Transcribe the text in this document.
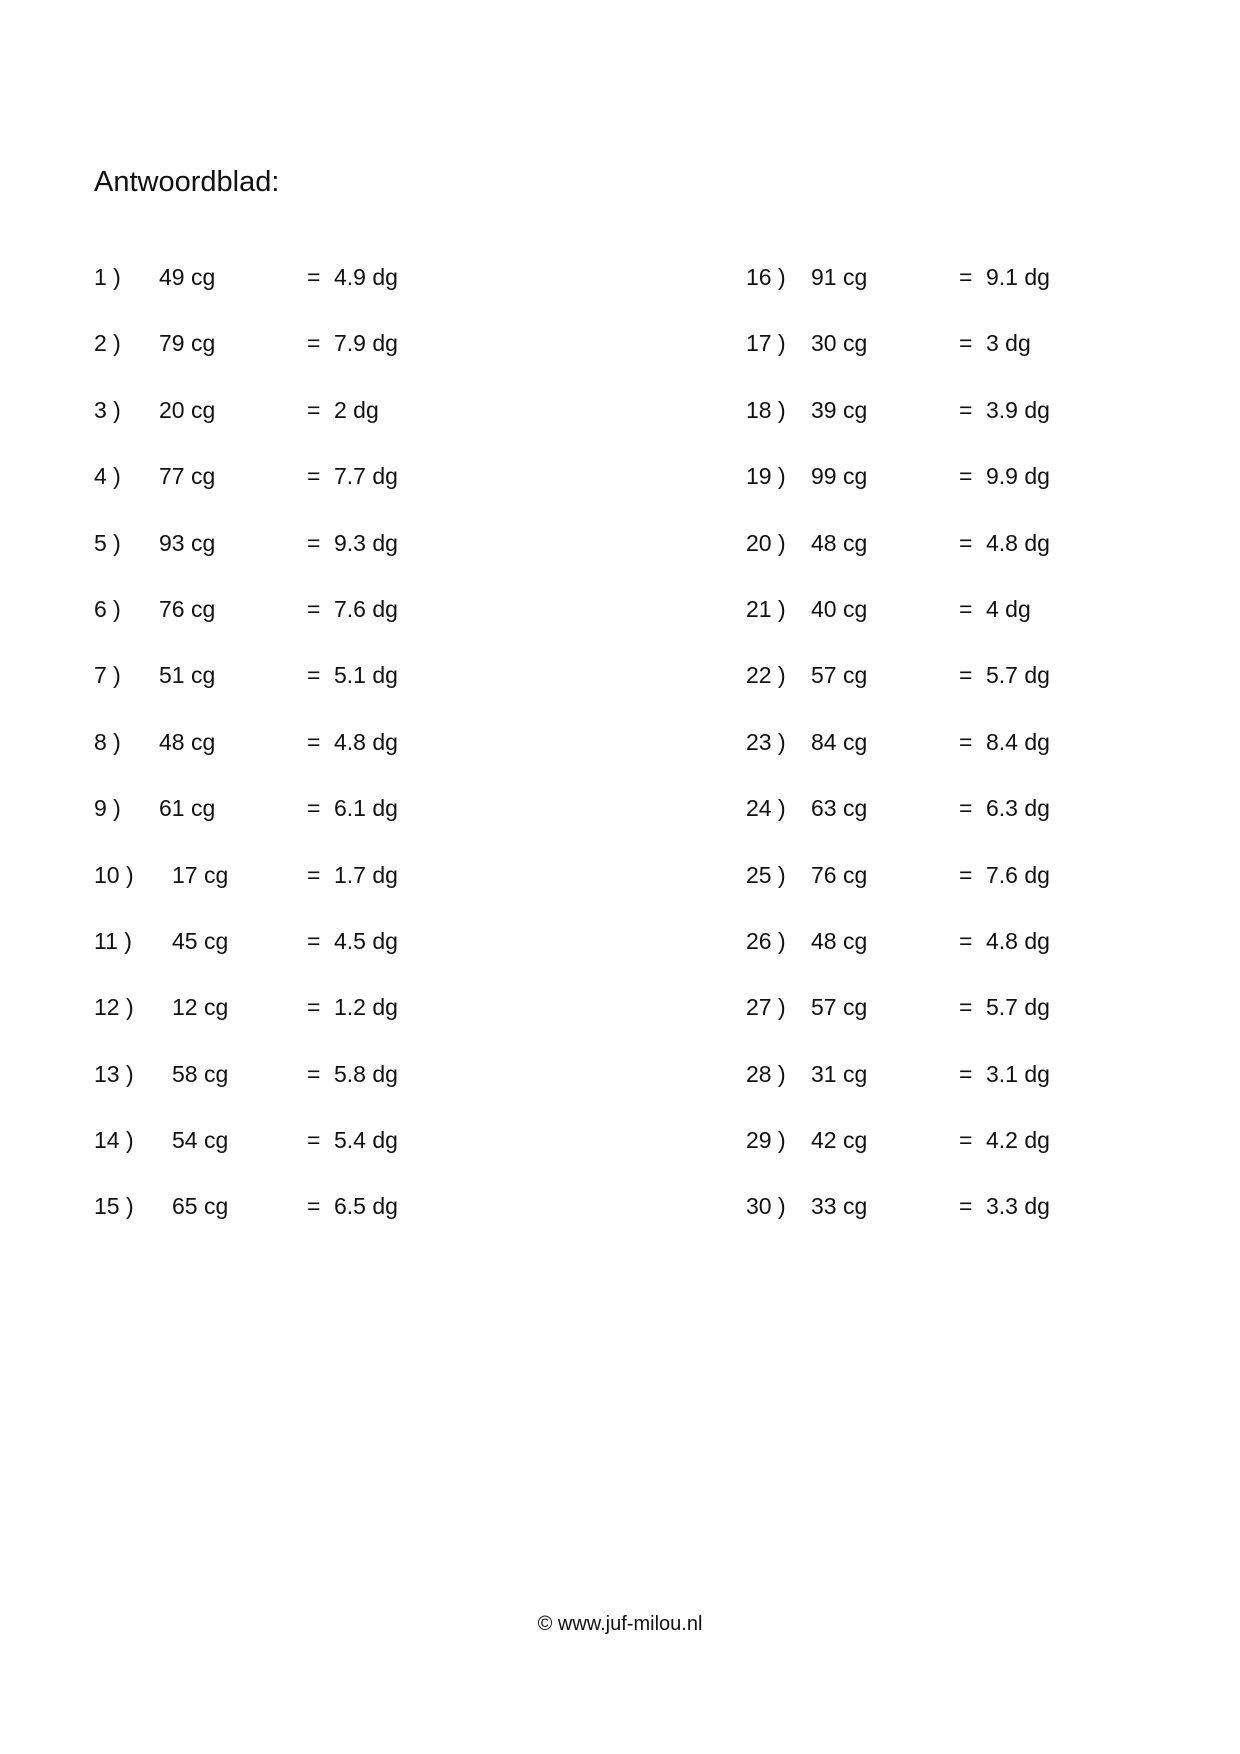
Antwoordblad:
1 ) 49 cg	= 4.9 dg
2 ) 79 cg	= 7.9 dg
3 ) 20 cg	= 2 dg
4 ) 77 cg	= 7.7 dg
5 ) 93 cg	= 9.3 dg
6 ) 76 cg	= 7.6 dg
7 ) 51 cg	= 5.1 dg
8 ) 48 cg	= 4.8 dg
9 ) 61 cg	= 6.1 dg
10 ) 17 cg	= 1.7 dg
11 ) 45 cg	= 4.5 dg
12 ) 12 cg	= 1.2 dg
13 ) 58 cg	= 5.8 dg
14 ) 54 cg	= 5.4 dg
15 ) 65 cg	= 6.5 dg
16 ) 91 cg	= 9.1 dg
17 ) 30 cg	= 3 dg
18 ) 39 cg	= 3.9 dg
19 ) 99 cg	= 9.9 dg
20 ) 48 cg	= 4.8 dg
21 ) 40 cg	= 4 dg
22 ) 57 cg	= 5.7 dg
23 ) 84 cg	= 8.4 dg
24 ) 63 cg	= 6.3 dg
25 ) 76 cg	= 7.6 dg
26 ) 48 cg	= 4.8 dg
27 ) 57 cg	= 5.7 dg
28 ) 31 cg	= 3.1 dg
29 ) 42 cg	= 4.2 dg
30 ) 33 cg	= 3.3 dg
© www.juf-milou.nl
